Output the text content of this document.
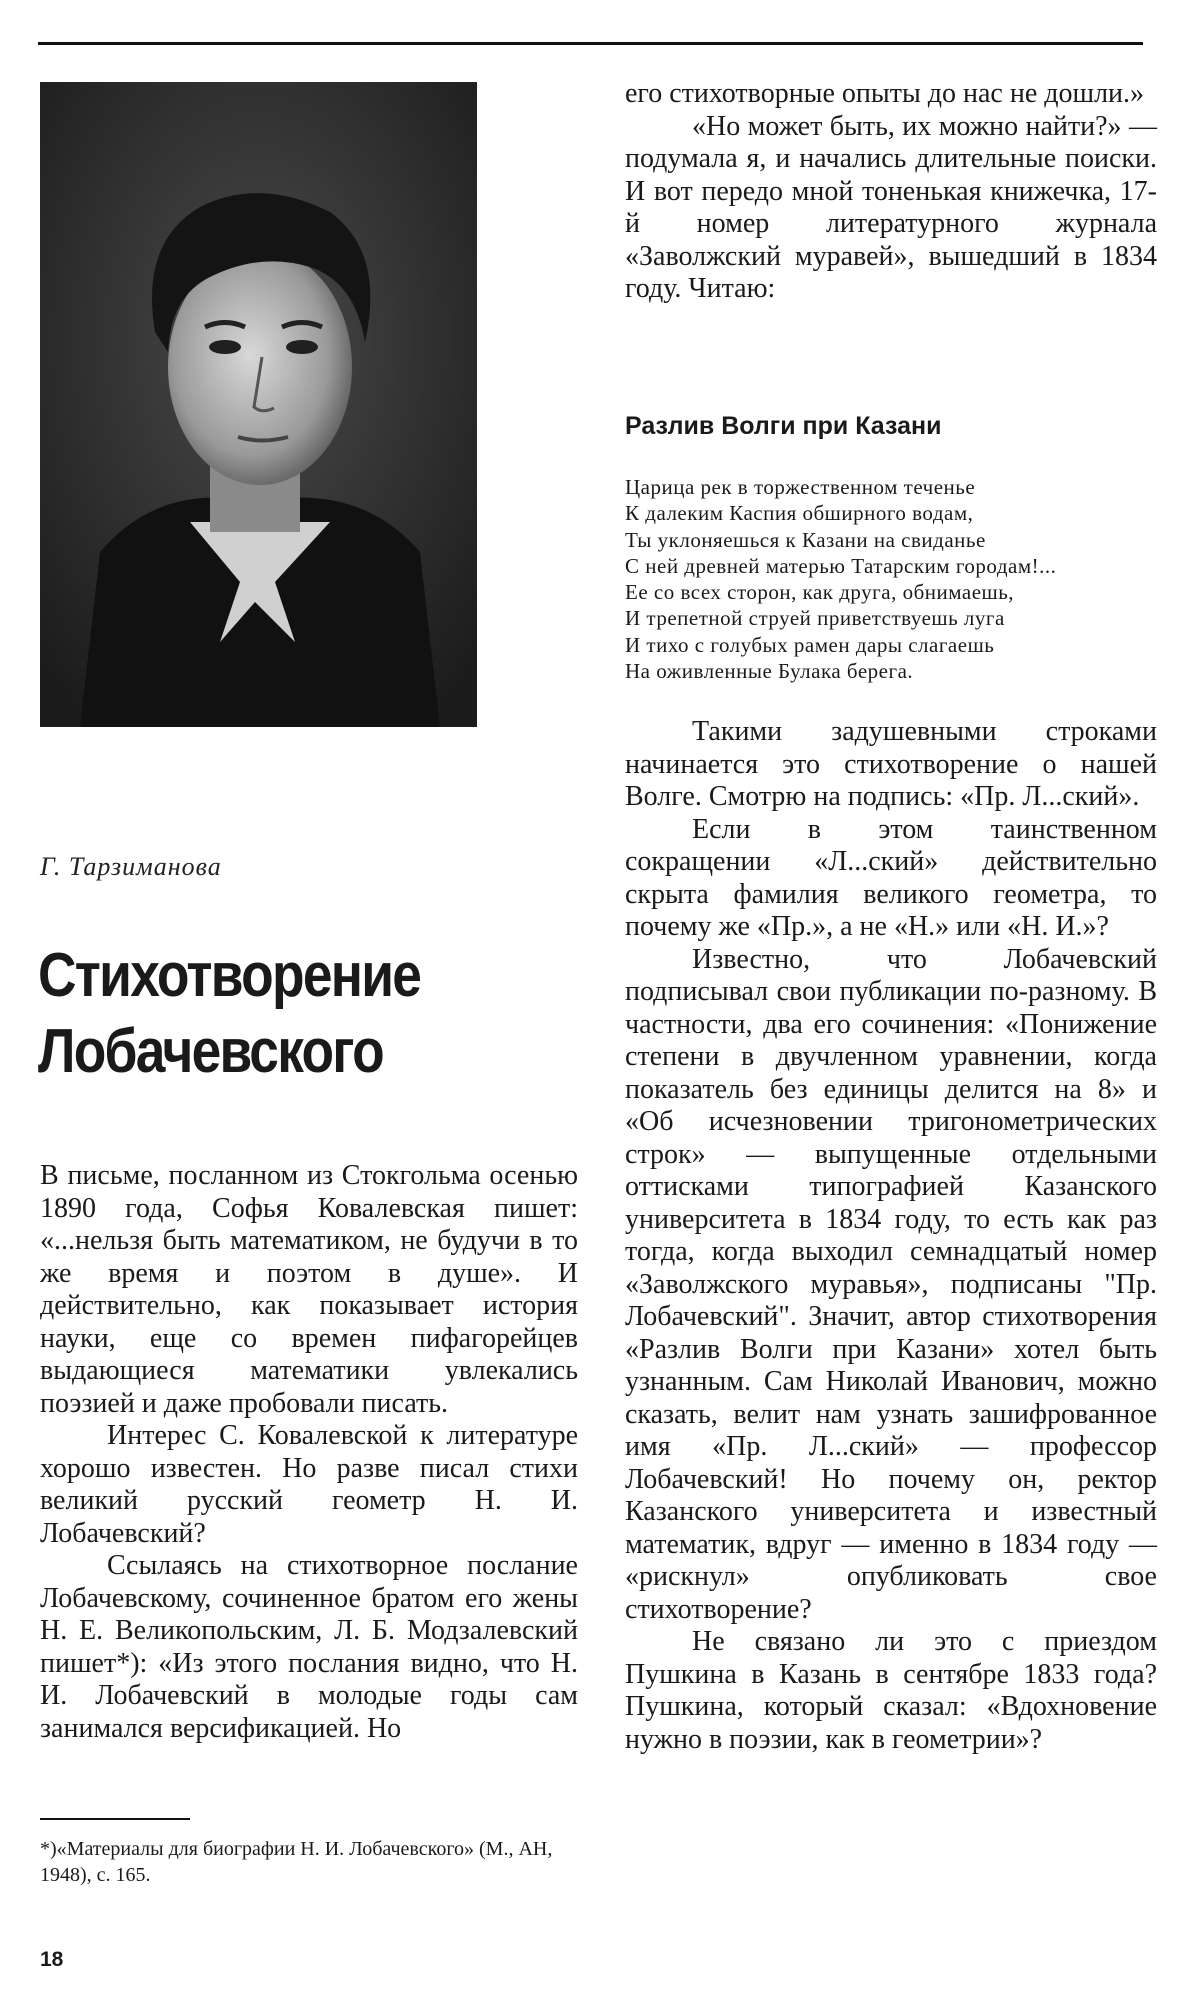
Г. Тарзиманова
Стихотворение
Лобачевского

В письме, посланном из Стокгольма осенью 1890 года, Софья Ковалевская пишет: «...нельзя быть математиком, не будучи в то же время и поэтом в душе». И действительно, как показывает история науки, еще со времен пифагорейцев выдающиеся математики увлекались поэзией и даже пробовали писать.

Интерес С. Ковалевской к литературе хорошо известен. Но разве писал стихи великий русский геометр Н. И. Лобачевский?

Ссылаясь на стихотворное послание Лобачевскому, сочиненное братом его жены Н. Е. Великопольским, Л. Б. Модзалевский пишет*): «Из этого послания видно, что Н. И. Лобачевский в молодые годы сам занимался версификацией. Но

его стихотворные опыты до нас не дошли.»

«Но может быть, их можно найти?» — подумала я, и начались длительные поиски. И вот передо мной тоненькая книжечка, 17-й номер литературного журнала «Заволжский муравей», вышедший в 1834 году. Читаю:

Разлив Волги при Казани
Царица рек в торжественном теченье
К далеким Каспия обширного водам,
Ты уклоняешься к Казани на свиданье
С ней древней матерью Татарским городам!...
Ее со всех сторон, как друга, обнимаешь,
И трепетной струей приветствуешь луга
И тихо с голубых рамен дары слагаешь
На оживленные Булака берега.

Такими задушевными строками начинается это стихотворение о нашей Волге. Смотрю на подпись: «Пр. Л...ский».

Если в этом таинственном сокращении «Л...ский» действительно скрыта фамилия великого геометра, то почему же «Пр.», а не «Н.» или «Н. И.»?

Известно, что Лобачевский подписывал свои публикации по-разному. В частности, два его сочинения: «Понижение степени в двучленном уравнении, когда показатель без единицы делится на 8» и «Об исчезновении тригонометрических строк» — выпущенные отдельными оттисками типографией Казанского университета в 1834 году, то есть как раз тогда, когда выходил семнадцатый номер «Заволжского муравья», подписаны "Пр. Лобачевский". Значит, автор стихотворения «Разлив Волги при Казани» хотел быть узнанным. Сам Николай Иванович, можно сказать, велит нам узнать зашифрованное имя «Пр. Л...ский» — профессор Лобачевский! Но почему он, ректор Казанского университета и известный математик, вдруг — именно в 1834 году — «рискнул» опубликовать свое стихотворение?

Не связано ли это с приездом Пушкина в Казань в сентябре 1833 года? Пушкина, который сказал: «Вдохновение нужно в поэзии, как в геометрии»?

*)«Материалы для биографии Н. И. Лобачевского» (М., АН, 1948), с. 165.
18
